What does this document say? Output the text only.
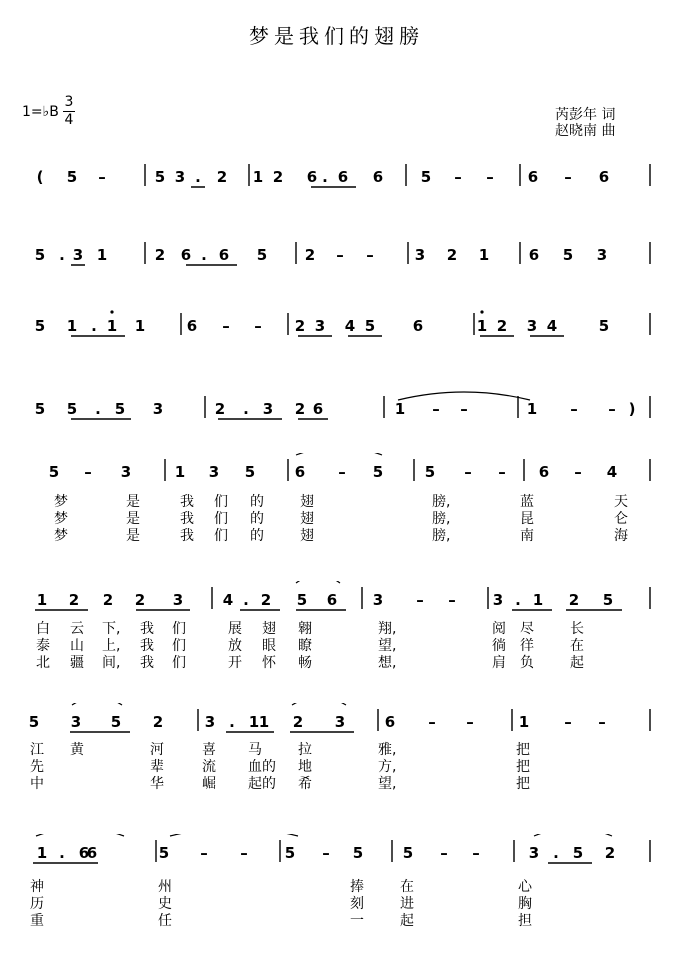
梦是我们的翅膀
1=♭B
3
4	芮彭年 词
赵晓南 曲
( 5 –	5 3 . 2 1 2 6 . 6 6	5 – – 6 – 6
5 . 3 1	2 6 . 6 5	2 – –	3 2 1	6 5 3
5 1 . 1 1	6 – – 2 3 4 5	6	1 2 3 4	5
5 5 . 5 3	2 . 3 2 6	1 – –	1 – – )
5 – 3	1 3 5	6 – 5	5 – – 6 – 4
1 2 2 2 3	4 . 2 5 6 3 – – 3 . 1 2 5
5 3 5 2	3 . 1 1 2 3	6 – –	1 – –
1 . 6
6	5 – – 5 – 5	5 – –	3 . 5 2
梦	是	我 们 的	翅	膀,	蓝	天
梦	是	我 们 的	翅	膀,	昆	仑
梦	是	我 们 的	翅	膀,	南	海
白 云 下, 我 们	展 翅 翱	翔,	阅 尽	长
泰 山 上, 我 们	放 眼 瞭	望,	徜 徉	在
北 疆 间, 我 们	开 怀 畅	想,	肩 负	起
江 黄	河	喜 马	拉	雅,	把
先	辈	流 血的 地	方,	把
中	华	崛 起的 希	望,	把
神	州	捧	在	心
历	史	刻	进	胸
重	任	一	起	担
